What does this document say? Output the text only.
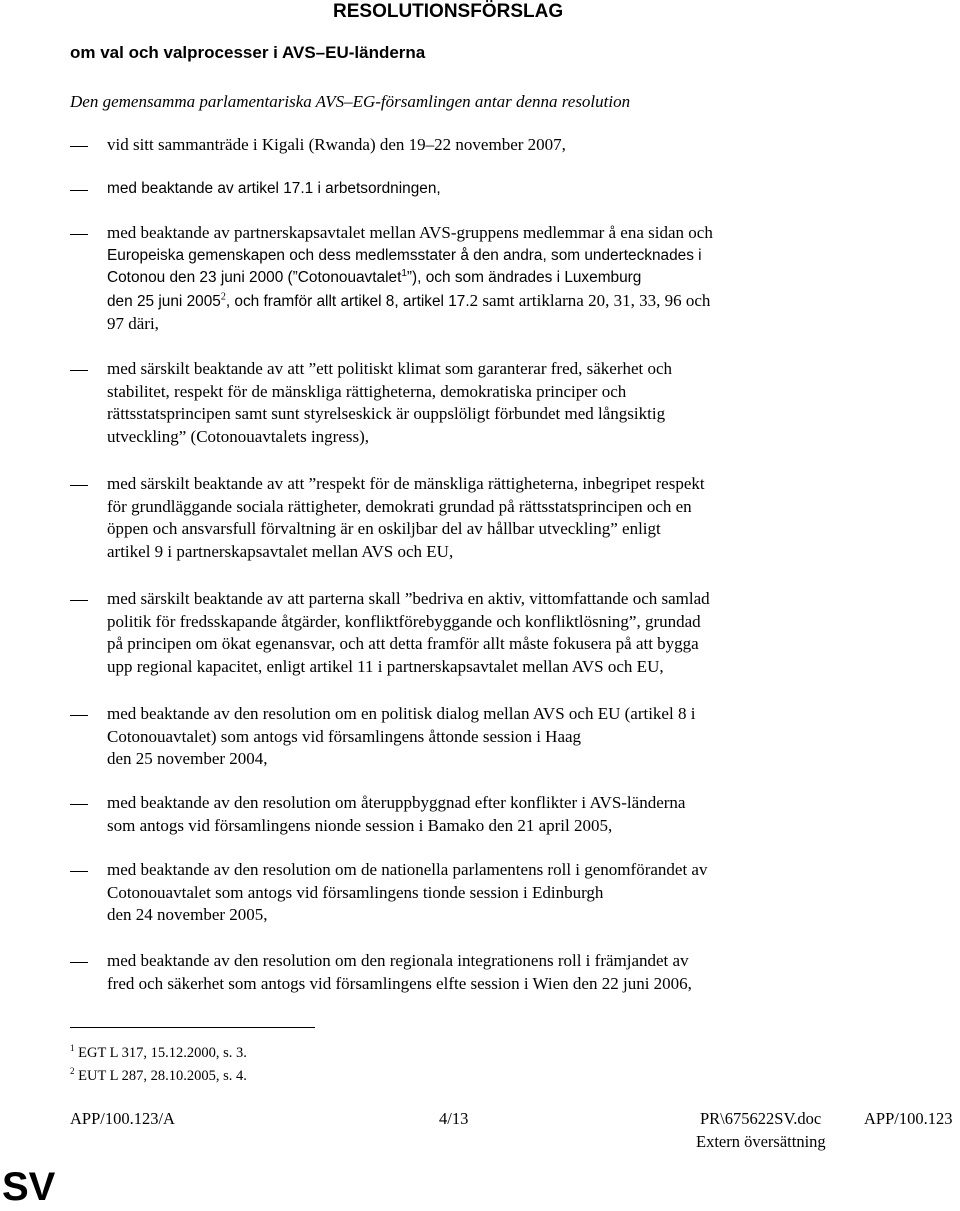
RESOLUTIONSFÖRSLAG
om val och valprocesser i AVS–EU-länderna
Den gemensamma parlamentariska AVS–EG-församlingen antar denna resolution
vid sitt sammanträde i Kigali (Rwanda) den 19–22 november 2007,
med beaktande av artikel 17.1 i arbetsordningen,
med beaktande av partnerskapsavtalet mellan AVS-gruppens medlemmar å ena sidan och
Europeiska gemenskapen och dess medlemsstater å den andra, som undertecknades i
Cotonou den 23 juni 2000 (”Cotonouavtalet$^1$”), och som ändrades i Luxemburg
den 25 juni 2005$^2$, och framför allt artikel 8, artikel 17.2 samt artiklarna 20, 31, 33, 96 och
97 däri,
med särskilt beaktande av att ”ett politiskt klimat som garanterar fred, säkerhet och
stabilitet, respekt för de mänskliga rättigheterna, demokratiska principer och
rättsstatsprincipen samt sunt styrelseskick är ouppslöligt förbundet med långsiktig
utveckling” (Cotonouavtalets ingress),
med särskilt beaktande av att ”respekt för de mänskliga rättigheterna, inbegripet respekt
för grundläggande sociala rättigheter, demokrati grundad på rättsstatsprincipen och en
öppen och ansvarsfull förvaltning är en oskiljbar del av hållbar utveckling” enligt
artikel 9 i partnerskapsavtalet mellan AVS och EU,
med särskilt beaktande av att parterna skall ”bedriva en aktiv, vittomfattande och samlad
politik för fredsskapande åtgärder, konfliktförebyggande och konfliktlösning”, grundad
på principen om ökat egenansvar, och att detta framför allt måste fokusera på att bygga
upp regional kapacitet, enligt artikel 11 i partnerskapsavtalet mellan AVS och EU,
med beaktande av den resolution om en politisk dialog mellan AVS och EU (artikel 8 i
Cotonouavtalet) som antogs vid församlingens åttonde session i Haag
den 25 november 2004,
med beaktande av den resolution om återuppbyggnad efter konflikter i AVS-länderna
som antogs vid församlingens nionde session i Bamako den 21 april 2005,
med beaktande av den resolution om de nationella parlamentens roll i genomförandet av
Cotonouavtalet som antogs vid församlingens tionde session i Edinburgh
den 24 november 2005,
med beaktande av den resolution om den regionala integrationens roll i främjandet av
fred och säkerhet som antogs vid församlingens elfte session i Wien den 22 juni 2006,
$^1$ EGT L 317, 15.12.2000, s. 3.
$^2$ EUT L 287, 28.10.2005, s. 4.
APP/100.123/A	4/13	PR\675622SV.doc	APP/100.123
Extern översättning
SV
